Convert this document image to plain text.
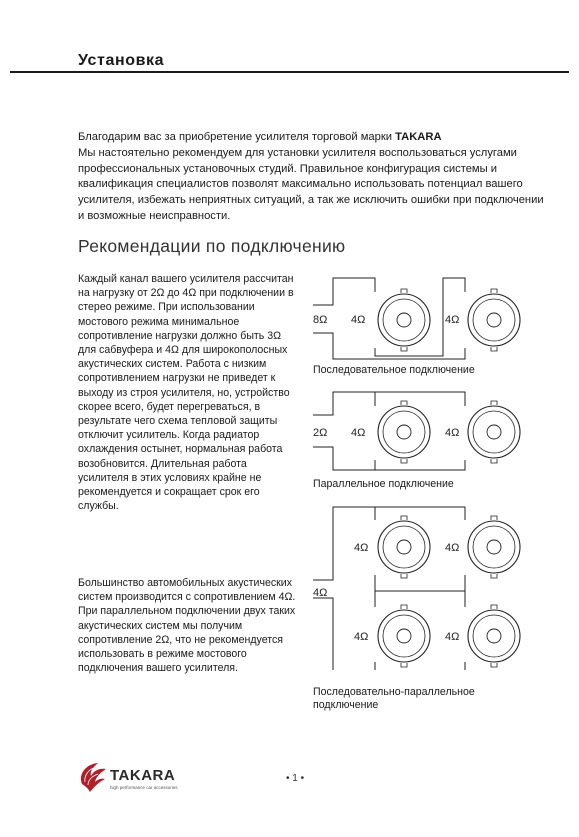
Установка
Благодарим вас за приобретение усилителя торговой марки TAKARA
Мы настоятельно рекомендуем для установки усилителя воспользоваться услугами профессиональных установочных студий. Правильное конфигурация системы и квалификация специалистов позволят максимально использовать потенциал вашего усилителя, избежать неприятных ситуаций, а так же исключить ошибки при подключении и возможные неисправности.
Рекомендации по подключению
Каждый канал вашего усилителя рассчитан на нагрузку от 2Ω до 4Ω при подключении в стерео режиме. При использовании мостового режима минимальное сопротивление нагрузки должно быть 3Ω для сабвуфера и 4Ω для широкополосных акустических систем. Работа с низким сопротивлением нагрузки не приведет к выходу из строя усилителя, но, устройство скорее всего, будет перегреваться, в результате чего схема тепловой защиты отключит усилитель. Когда радиатор охлаждения остынет, нормальная работа возобновится. Длительная работа усилителя в этих условиях крайне не рекомендуется и сокращает срок его службы.
Большинство автомобильных акустических систем производится с сопротивлением 4Ω. При параллельном подключении двух таких акустических систем мы получим сопротивление 2Ω, что не рекомендуется использовать в режиме мостового подключения вашего усилителя.
8Ω 4Ω	4Ω
2Ω 4Ω	4Ω
4Ω
4Ω	4Ω
4Ω	4Ω
Последовательное подключение
Параллельное подключение
Последовательно-параллельное подключение
TAKARA
high performance car accessories
• 1 •
